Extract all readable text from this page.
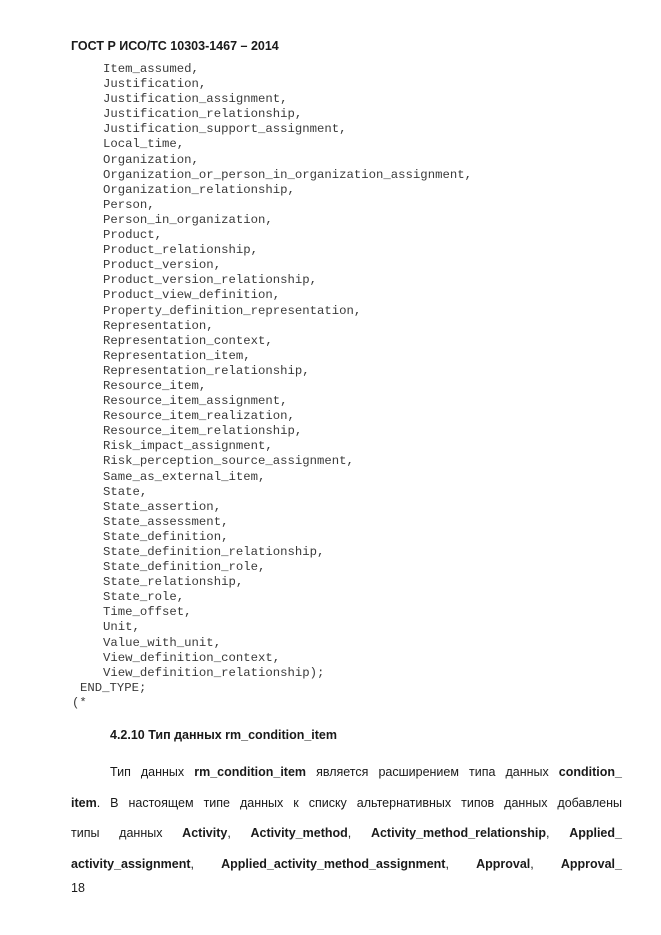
ГОСТ Р ИСО/ТС 10303-1467 – 2014
Item_assumed,
Justification,
Justification_assignment,
Justification_relationship,
Justification_support_assignment,
Local_time,
Organization,
Organization_or_person_in_organization_assignment,
Organization_relationship,
Person,
Person_in_organization,
Product,
Product_relationship,
Product_version,
Product_version_relationship,
Product_view_definition,
Property_definition_representation,
Representation,
Representation_context,
Representation_item,
Representation_relationship,
Resource_item,
Resource_item_assignment,
Resource_item_realization,
Resource_item_relationship,
Risk_impact_assignment,
Risk_perception_source_assignment,
Same_as_external_item,
State,
State_assertion,
State_assessment,
State_definition,
State_definition_relationship,
State_definition_role,
State_relationship,
State_role,
Time_offset,
Unit,
Value_with_unit,
View_definition_context,
View_definition_relationship);
END_TYPE;
(*
4.2.10 Тип данных rm_condition_item
Тип данных rm_condition_item является расширением типа данных condition_
item. В настоящем типе данных к списку альтернативных типов данных добавлены
типы данных Activity, Activity_method, Activity_method_relationship, Applied_
activity_assignment, Applied_activity_method_assignment, Approval, Approval_
18
